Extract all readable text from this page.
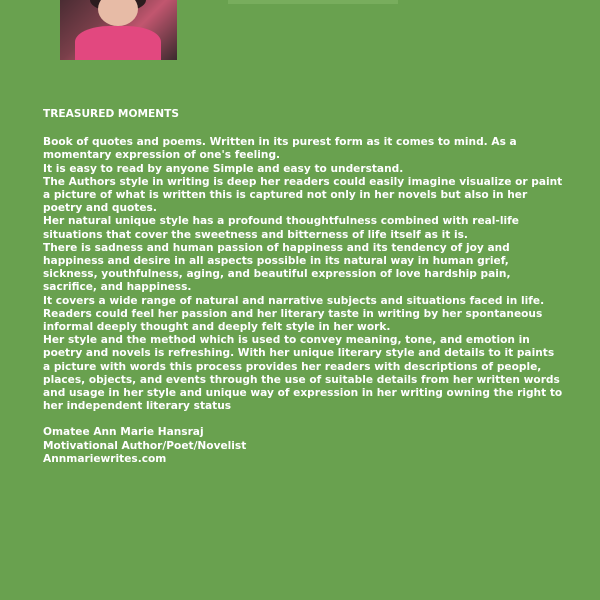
TREASURED MOMENTS

Book of quotes and poems. Written in its purest form as it comes to mind. As a momentary expression of one's feeling.

It is easy to read by anyone Simple and easy to understand.

The Authors style in writing is deep her readers could easily imagine visualize or paint a picture of what is written this is captured not only in her novels but also in her poetry and quotes.

Her natural unique style has a profound thoughtfulness combined with real-life situations that cover the sweetness and bitterness of life itself as it is.

There is sadness and human passion of happiness and its tendency of joy and happiness and desire in all aspects possible in its natural way in human grief, sickness, youthfulness, aging, and beautiful expression of love hardship pain, sacrifice, and happiness.

It covers a wide range of natural and narrative subjects and situations faced in life. Readers could feel her passion and her literary taste in writing by her spontaneous informal deeply thought and deeply felt style in her work.

Her style and the method which is used to convey meaning, tone, and emotion in poetry and novels is refreshing. With her unique literary style and details to it paints a picture with words this process provides her readers with descriptions of people, places, objects, and events through the use of suitable details from her written words and usage in her style and unique way of expression in her writing owning the right to her independent literary status

Omatee Ann Marie Hansraj
Motivational Author/Poet/Novelist
Annmariewrites.com
